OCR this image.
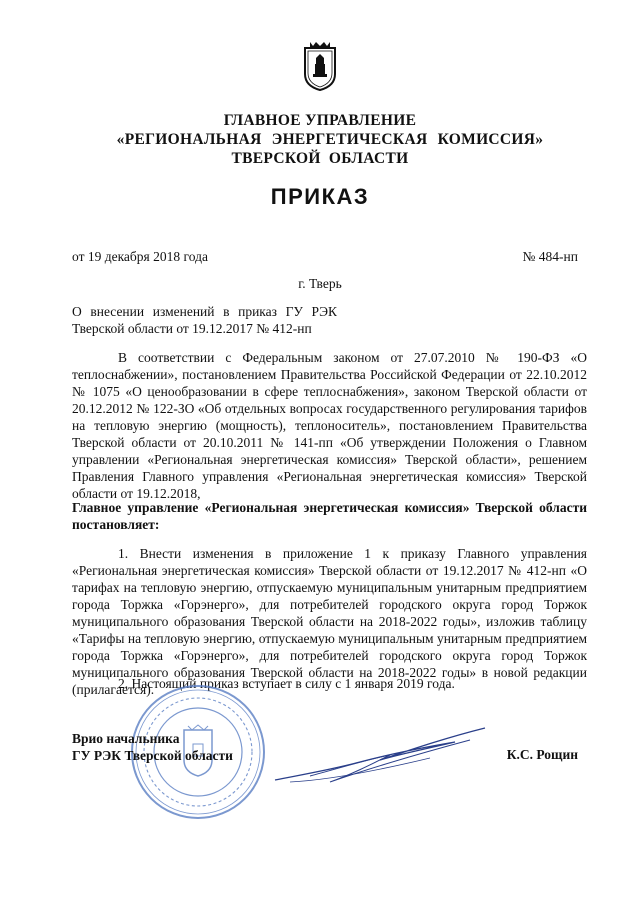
ГЛАВНОЕ УПРАВЛЕНИЕ
«РЕГИОНАЛЬНАЯ ЭНЕРГЕТИЧЕСКАЯ КОМИССИЯ»
ТВЕРСКОЙ ОБЛАСТИ
ПРИКАЗ
от 19 декабря 2018 года	№ 484-нп
г. Тверь
О внесении изменений в приказ ГУ РЭК Тверской области от 19.12.2017 № 412-нп
В соответствии с Федеральным законом от 27.07.2010 № 190-ФЗ «О теплоснабжении», постановлением Правительства Российской Федерации от 22.10.2012 № 1075 «О ценообразовании в сфере теплоснабжения», законом Тверской области от 20.12.2012 № 122-ЗО «Об отдельных вопросах государственного регулирования тарифов на тепловую энергию (мощность), теплоноситель», постановлением Правительства Тверской области от 20.10.2011 № 141-пп «Об утверждении Положения о Главном управлении «Региональная энергетическая комиссия» Тверской области», решением Правления Главного управления «Региональная энергетическая комиссия» Тверской области от 19.12.2018,
Главное управление «Региональная энергетическая комиссия» Тверской области постановляет:
1. Внести изменения в приложение 1 к приказу Главного управления «Региональная энергетическая комиссия» Тверской области от 19.12.2017 № 412-нп «О тарифах на тепловую энергию, отпускаемую муниципальным унитарным предприятием города Торжка «Горэнерго», для потребителей городского округа город Торжок муниципального образования Тверской области на 2018-2022 годы», изложив таблицу «Тарифы на тепловую энергию, отпускаемую муниципальным унитарным предприятием города Торжка «Горэнерго», для потребителей городского округа город Торжок муниципального образования Тверской области на 2018-2022 годы» в новой редакции (прилагается).
2. Настоящий приказ вступает в силу с 1 января 2019 года.
Врио начальника
ГУ РЭК Тверской области	К.С. Рощин
